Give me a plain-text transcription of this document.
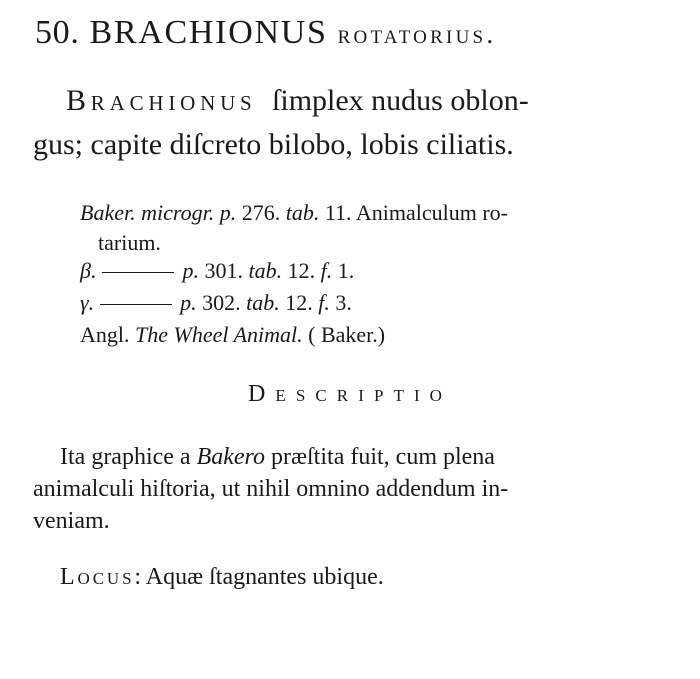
50. BRACHIONUS rotatorius.
Brachionus ſimplex nudus oblon-
gus; capite diſcreto bilobo, lobis ciliatis.
Baker. microgr. p. 276. tab. 11. Animalculum ro-
tarium.
β.	p. 301. tab. 12. f. 1.
γ.	p. 302. tab. 12. f. 3.
Angl. The Wheel Animal. ( Baker.)
Descriptio
Ita graphice a Bakero præſtita fuit, cum plena
animalculi hiſtoria, ut nihil omnino addendum in-
veniam.
Locus: Aquæ ſtagnantes ubique.
